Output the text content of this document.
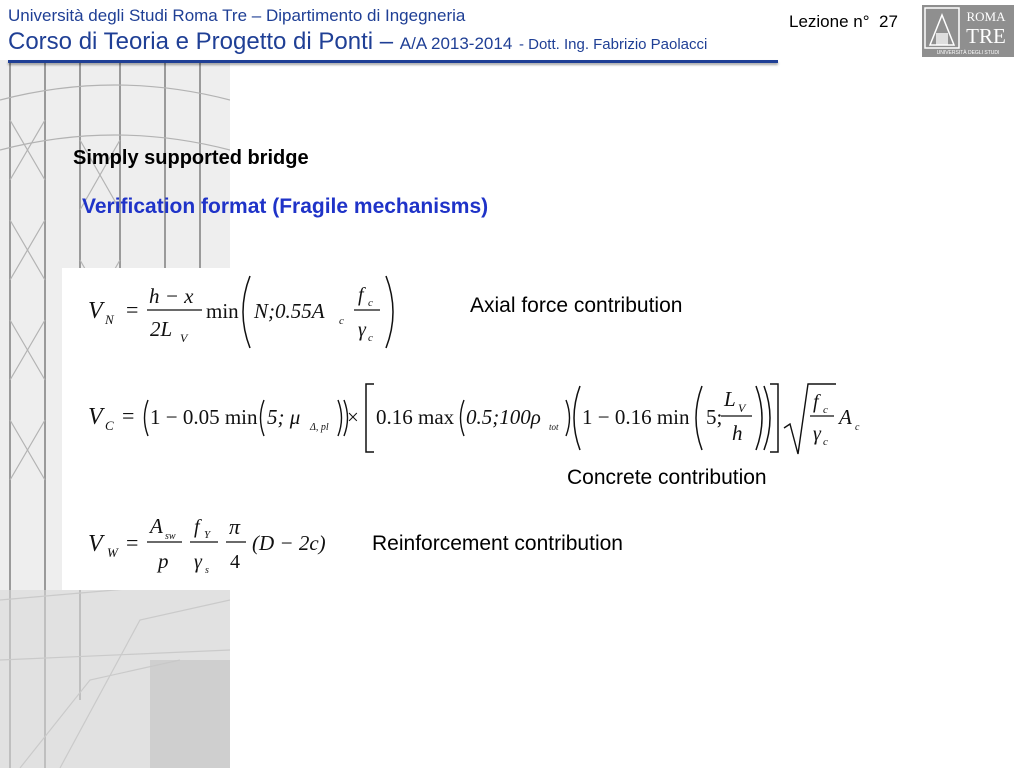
Università degli Studi Roma Tre – Dipartimento di Ingegneria
Corso di Teoria e Progetto di Ponti – A/A 2013-2014 - Dott. Ing. Fabrizio Paolacci
Lezione n° 27	ROMA
TRE
UNIVERSITÀ DEGLI STUDI
Simply supported bridge
Verification format (Fragile mechanisms)
V N =
h − x
2L V
min N;0.55A c
f c
γ c
Axial force contribution
V C = 1 − 0.05 min 5; μ Δ, pl × 0.16 max 0.5;100ρ tot 1 − 0.16 min 5;
L V
h
f c
γ c
A c
Concrete contribution
V W =
A sw
p
f Y
γ s
π
4
(D − 2c) Reinforcement contribution
